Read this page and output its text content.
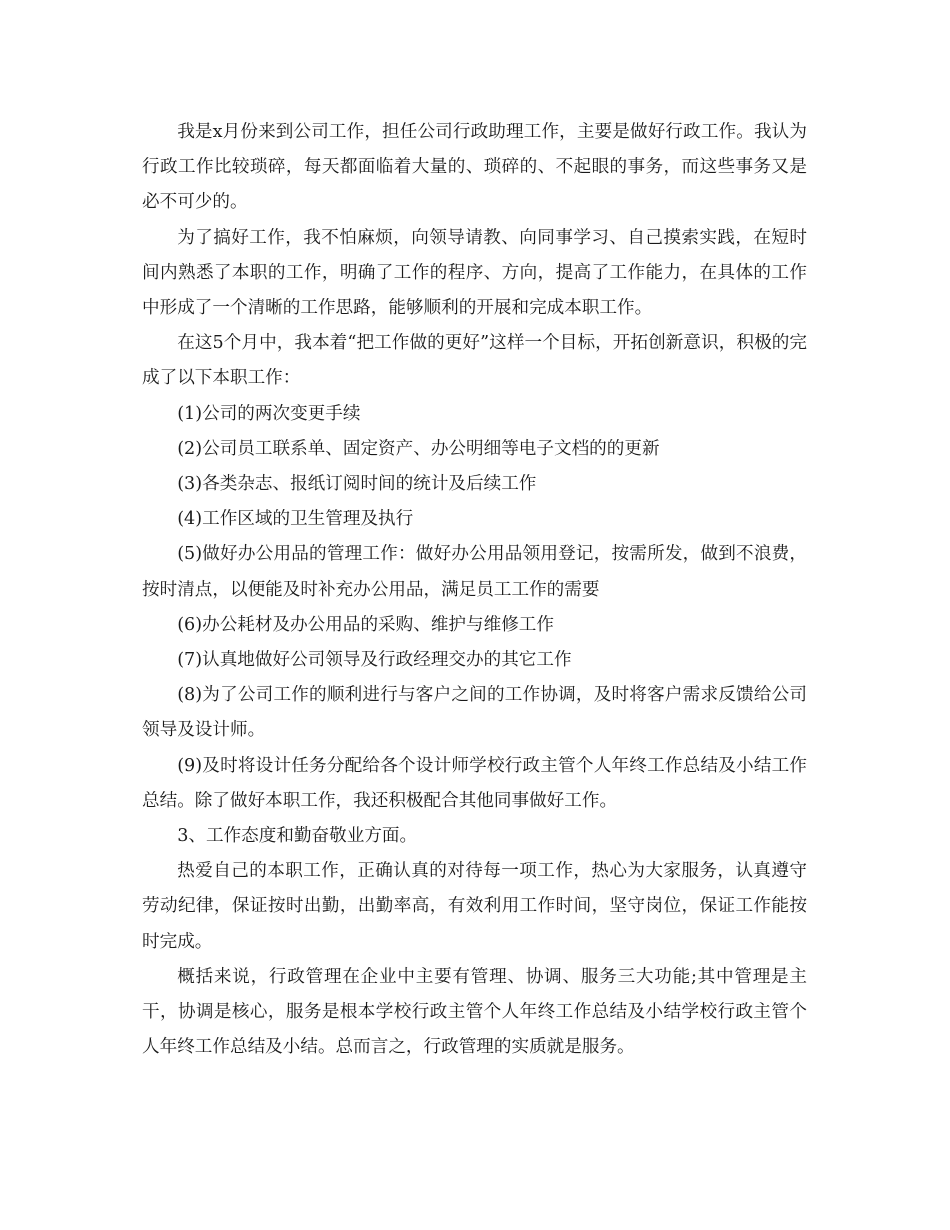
我是x月份来到公司工作，担任公司行政助理工作，主要是做好行政工作。我认为行政工作比较琐碎，每天都面临着大量的、琐碎的、不起眼的事务，而这些事务又是必不可少的。

为了搞好工作，我不怕麻烦，向领导请教、向同事学习、自己摸索实践，在短时间内熟悉了本职的工作，明确了工作的程序、方向，提高了工作能力，在具体的工作中形成了一个清晰的工作思路，能够顺利的开展和完成本职工作。

在这5个月中，我本着“把工作做的更好”这样一个目标，开拓创新意识，积极的完成了以下本职工作：

(1)公司的两次变更手续

(2)公司员工联系单、固定资产、办公明细等电子文档的的更新

(3)各类杂志、报纸订阅时间的统计及后续工作

(4)工作区域的卫生管理及执行

(5)做好办公用品的管理工作：做好办公用品领用登记，按需所发，做到不浪费，按时清点，以便能及时补充办公用品，满足员工工作的需要

(6)办公耗材及办公用品的采购、维护与维修工作

(7)认真地做好公司领导及行政经理交办的其它工作

(8)为了公司工作的顺利进行与客户之间的工作协调，及时将客户需求反馈给公司领导及设计师。

(9)及时将设计任务分配给各个设计师学校行政主管个人年终工作总结及小结工作总结。除了做好本职工作，我还积极配合其他同事做好工作。

3、工作态度和勤奋敬业方面。

热爱自己的本职工作，正确认真的对待每一项工作，热心为大家服务，认真遵守劳动纪律，保证按时出勤，出勤率高，有效利用工作时间，坚守岗位，保证工作能按时完成。

概括来说，行政管理在企业中主要有管理、协调、服务三大功能;其中管理是主干，协调是核心，服务是根本学校行政主管个人年终工作总结及小结学校行政主管个人年终工作总结及小结。总而言之，行政管理的实质就是服务。
